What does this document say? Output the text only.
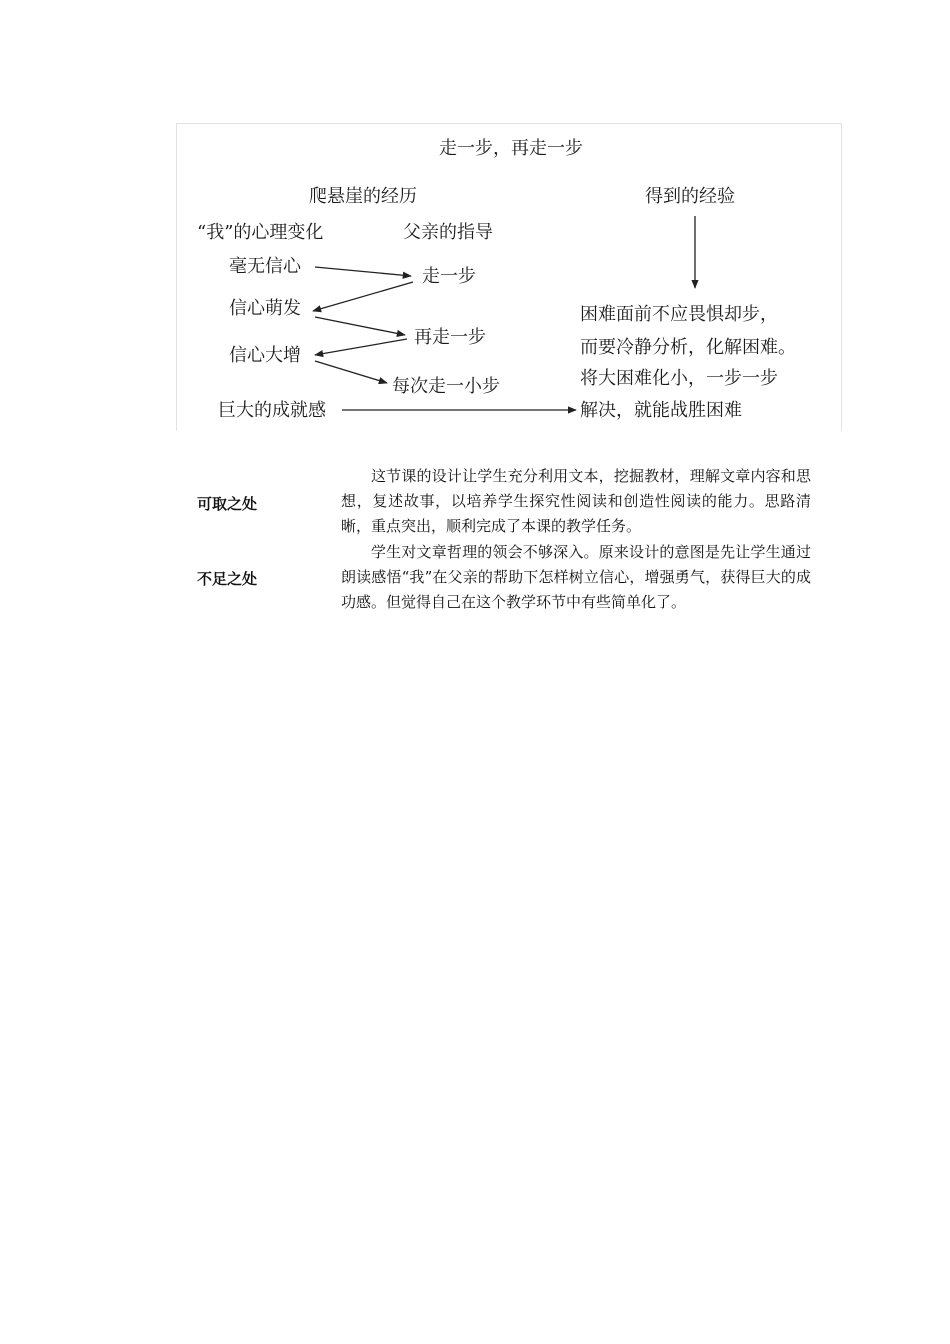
走一步，再走一步
爬悬崖的经历	得到的经验
“我”的心理变化	父亲的指导
毫无信心
信心萌发
信心大增
走一步
再走一步
每次走一小步
巨大的成就感
困难面前不应畏惧却步，
而要冷静分析，化解困难。
将大困难化小，一步一步
解决，就能战胜困难
可取之处

这节课的设计让学生充分利用文本，挖掘教材，理解文章内容和思想，复述故事，以培养学生探究性阅读和创造性阅读的能力。思路清晰，重点突出，顺利完成了本课的教学任务。

不足之处

学生对文章哲理的领会不够深入。原来设计的意图是先让学生通过朗读感悟“我”在父亲的帮助下怎样树立信心，增强勇气，获得巨大的成功感。但觉得自己在这个教学环节中有些简单化了。
